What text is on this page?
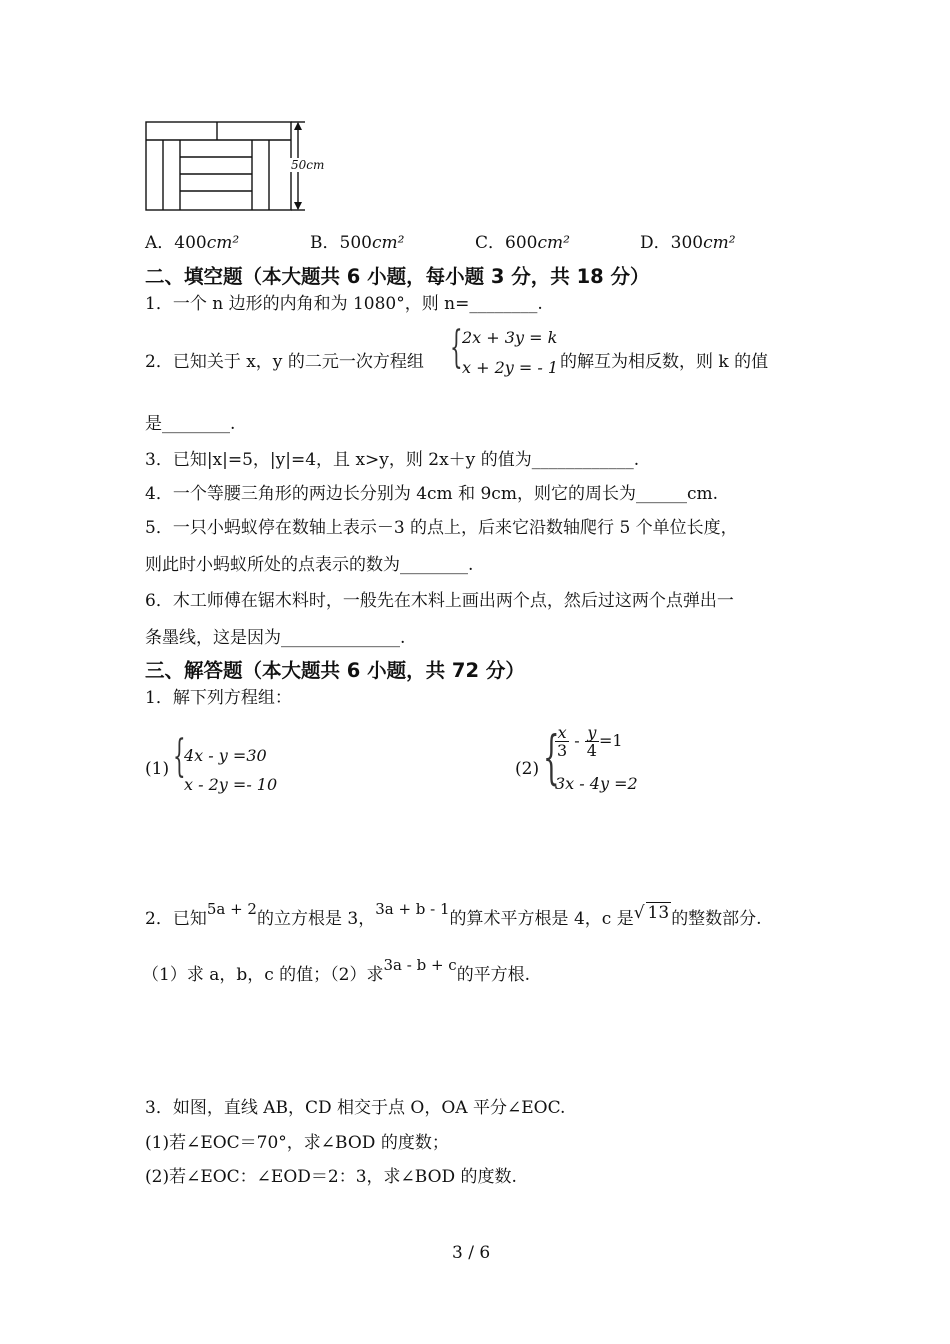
50cm
A．400cm²	B．500cm²	C．600cm²	D．300cm²
二、填空题（本大题共 6 小题，每小题 3 分，共 18 分）
1．一个 n 边形的内角和为 1080°，则 n=________.
2．已知关于 x，y 的二元一次方程组 { 2x + 3y = k
x + 2y = - 1 的解互为相反数，则 k 的值
是________.
3．已知|x|=5，|y|=4，且 x>y，则 2x＋y 的值为____________.
4．一个等腰三角形的两边长分别为 4cm 和 9cm，则它的周长为______cm.
5．一只小蚂蚁停在数轴上表示－3 的点上，后来它沿数轴爬行 5 个单位长度，
则此时小蚂蚁所处的点表示的数为________.
6．木工师傅在锯木料时，一般先在木料上画出两个点，然后过这两个点弹出一
条墨线，这是因为______________.
三、解答题（本大题共 6 小题，共 72 分）
1．解下列方程组：
(1) {
4x - y =30
x - 2y =- 10
(2) {
$\frac{x}{3} - \frac{y}{4} =1$
3x - 4y =2
2．已知5a + 2的立方根是 3，3a + b - 1的算术平方根是 4，c 是√ 13 的整数部分.
（1）求 a，b，c 的值；（2）求3a - b + c的平方根.
3．如图，直线 AB，CD 相交于点 O，OA 平分∠EOC.
(1)若∠EOC＝70°，求∠BOD 的度数；
(2)若∠EOC：∠EOD＝2：3，求∠BOD 的度数.
3 / 6
